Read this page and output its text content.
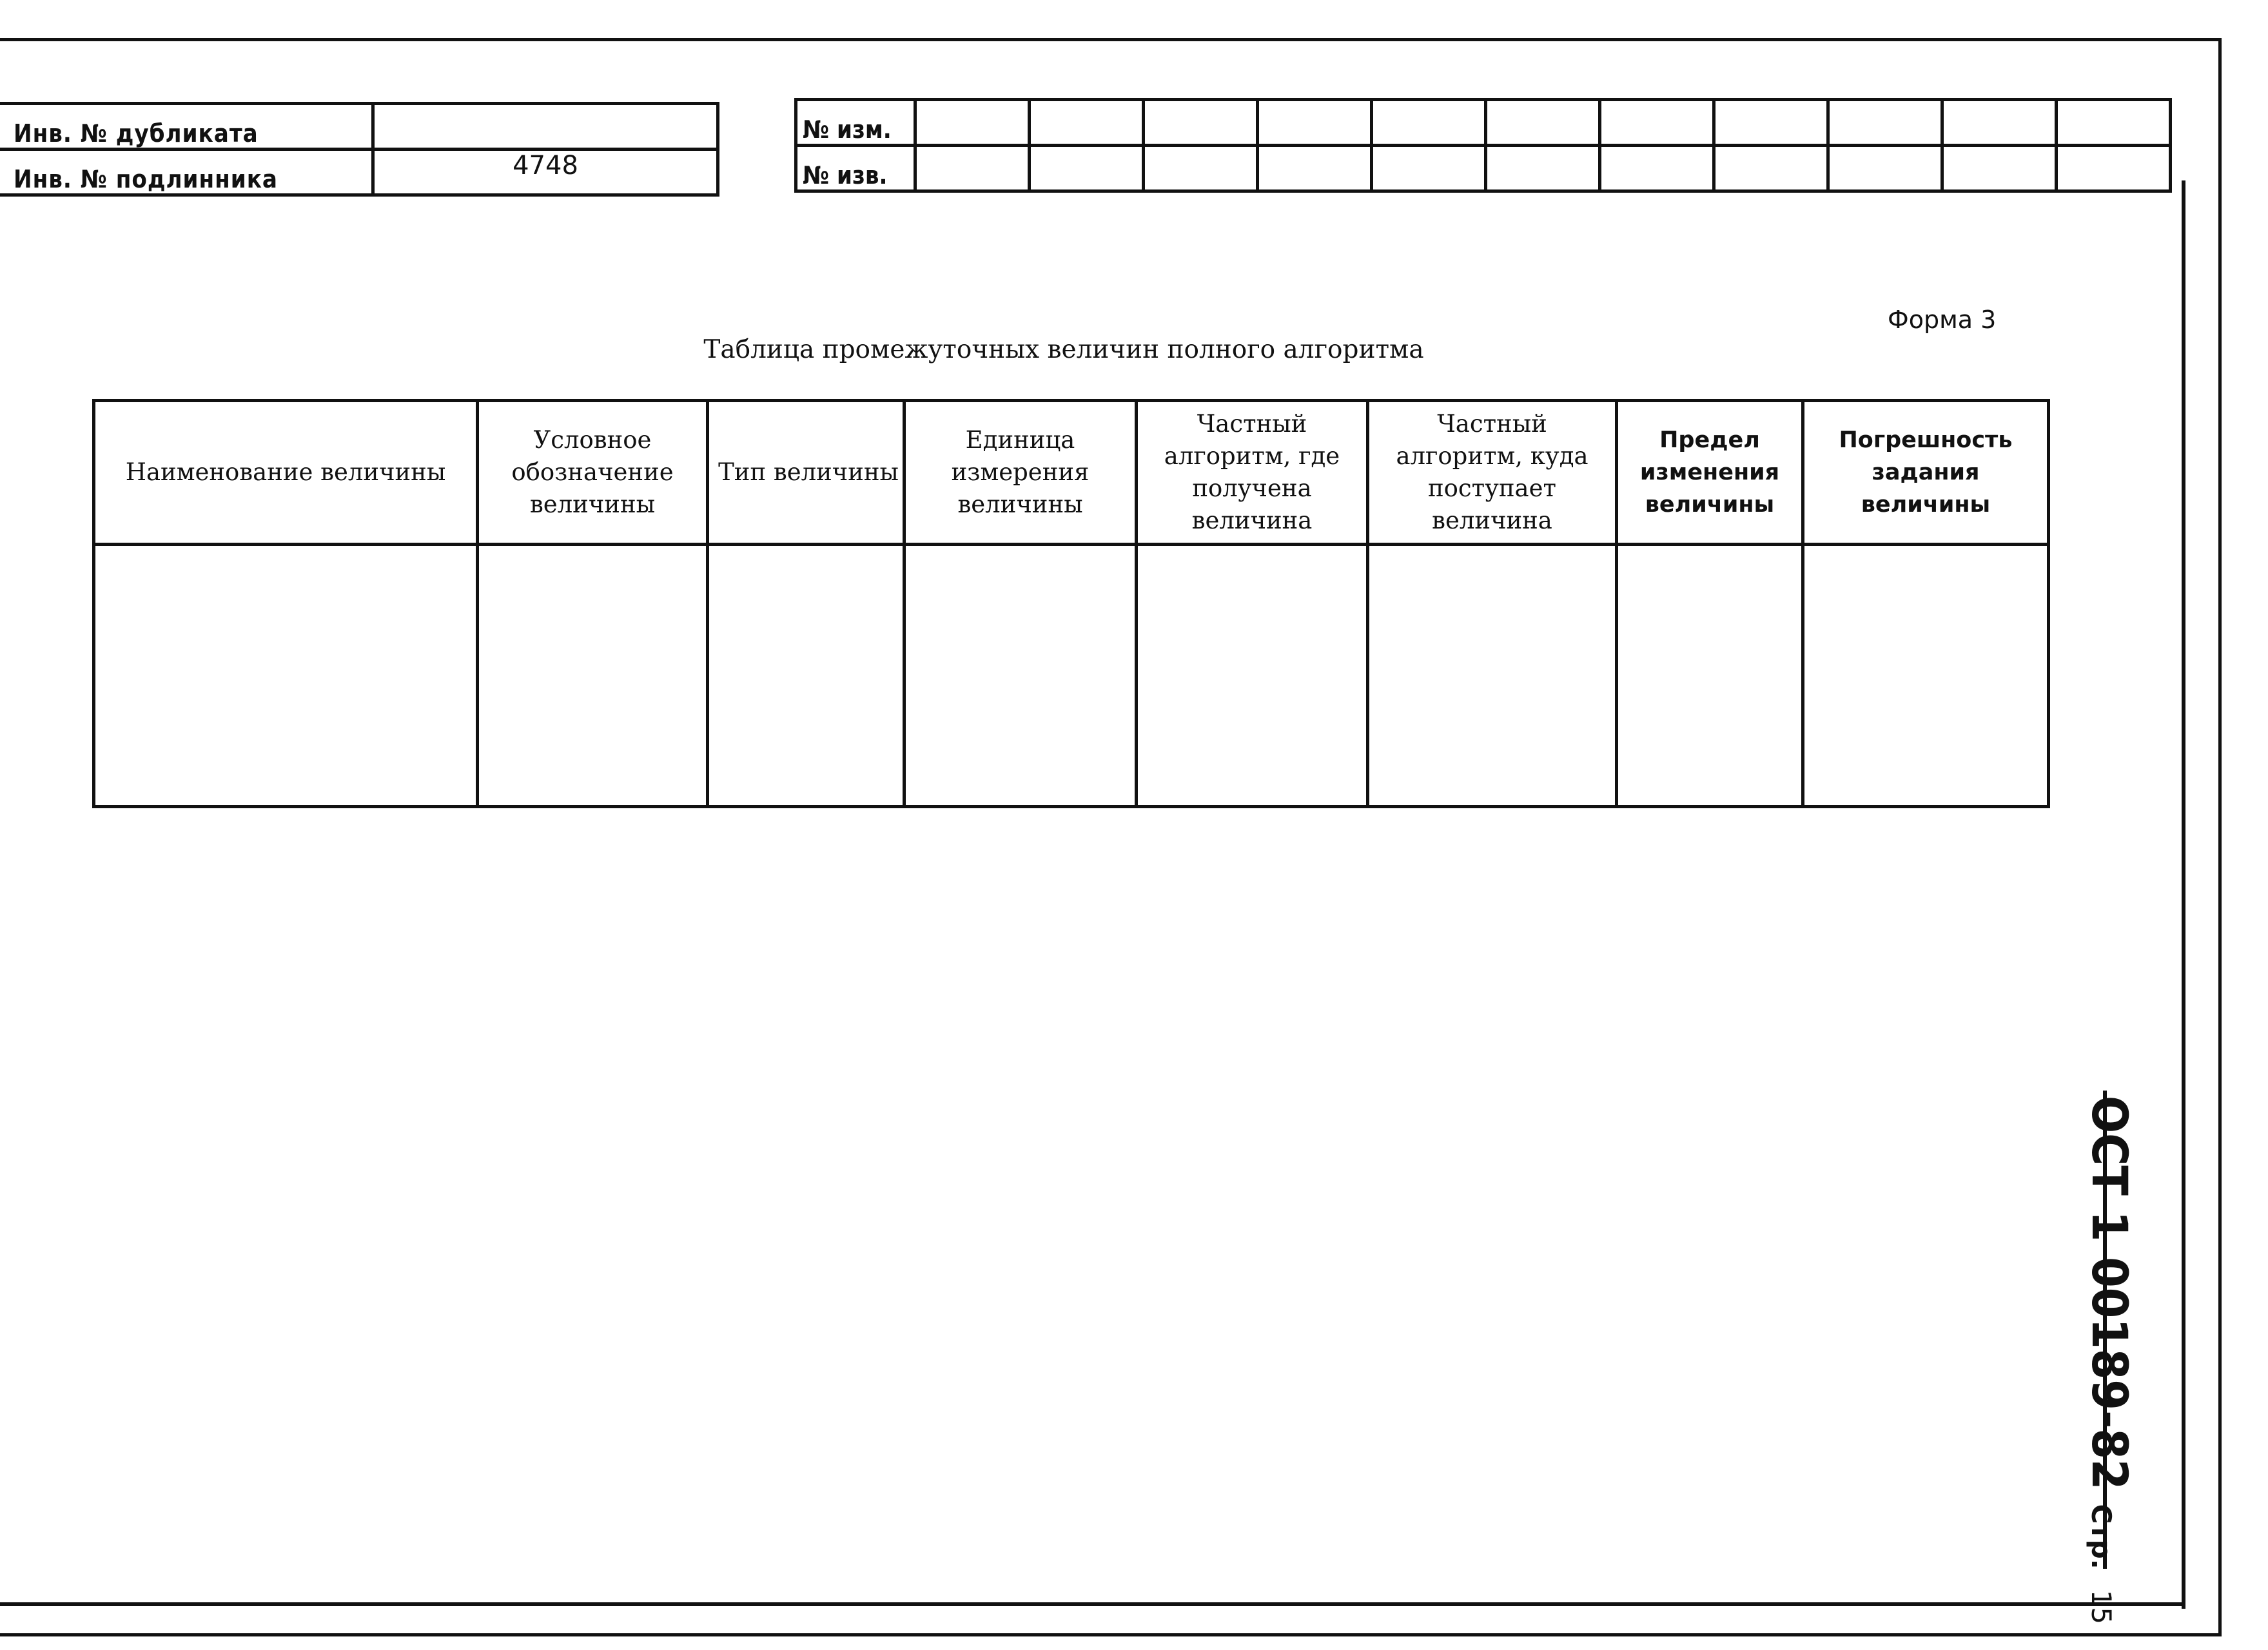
Инв. № дубликата	
Инв. № подлинника	4748
№ изм.											
№ изв.											
Форма 3
Таблица промежуточных величин полного алгоритма
Наименование величины	Условное обозначение величины	Тип величины	Единица измерения величины	Частный алгоритм, где получена величина	Частный алгоритм, куда поступает величина	Предел изменения величины	Погрешность задания величины

ОСТ 1 00189-82
Стр.
15
